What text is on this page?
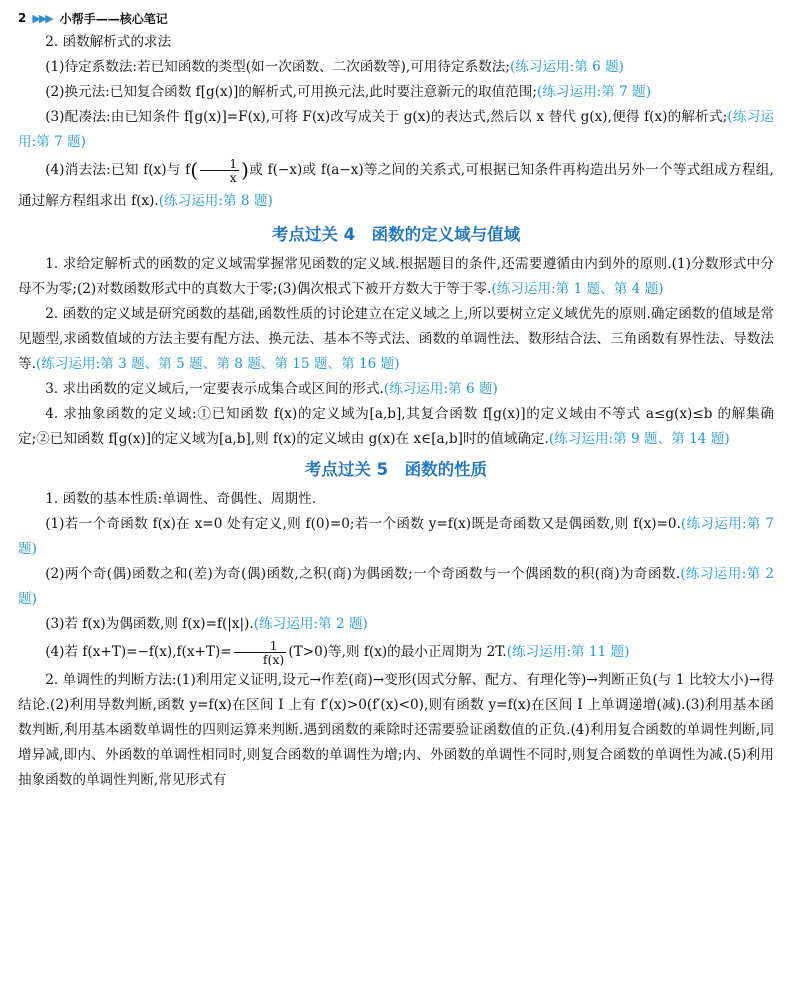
2 ▶▶▶ 小帮手——核心笔记

2. 函数解析式的求法

(1)待定系数法:若已知函数的类型(如一次函数、二次函数等),可用待定系数法;(练习运用:第 6 题)

(2)换元法:已知复合函数 f[g(x)]的解析式,可用换元法,此时要注意新元的取值范围;(练习运用:第 7 题)

(3)配凑法:由已知条件 f[g(x)]=F(x),可将 F(x)改写成关于 g(x)的表达式,然后以 x 替代 g(x),便得 f(x)的解析式;(练习运用:第 7 题)

(4)消去法:已知 f(x)与 $f( \frac{1}{x}$ )或 f(−x)或 f(a−x)等之间的关系式,可根据已知条件再构造出另外一个等式组成方程组,通过解方程组求出 f(x).(练习运用:第 8 题)

考点过关 4　函数的定义域与值域

1. 求给定解析式的函数的定义域需掌握常见函数的定义域.根据题目的条件,还需要遵循由内到外的原则.(1)分数形式中分母不为零;(2)对数函数形式中的真数大于零;(3)偶次根式下被开方数大于等于零.(练习运用:第 1 题、第 4 题)

2. 函数的定义域是研究函数的基础,函数性质的讨论建立在定义域之上,所以要树立定义域优先的原则.确定函数的值域是常见题型,求函数值域的方法主要有配方法、换元法、基本不等式法、函数的单调性法、数形结合法、三角函数有界性法、导数法等.(练习运用:第 3 题、第 5 题、第 8 题、第 15 题、第 16 题)

3. 求出函数的定义域后,一定要表示成集合或区间的形式.(练习运用:第 6 题)

4. 求抽象函数的定义域:①已知函数 f(x)的定义域为[a,b],其复合函数 f[g(x)]的定义域由不等式 a≤g(x)≤b 的解集确定;②已知函数 f[g(x)]的定义域为[a,b],则 f(x)的定义域由 g(x)在 x∈[a,b]时的值域确定.(练习运用:第 9 题、第 14 题)

考点过关 5　函数的性质

1. 函数的基本性质:单调性、奇偶性、周期性.

(1)若一个奇函数 f(x)在 x=0 处有定义,则 f(0)=0;若一个函数 y=f(x)既是奇函数又是偶函数,则 f(x)=0.(练习运用:第 7 题)

(2)两个奇(偶)函数之和(差)为奇(偶)函数,之积(商)为偶函数;一个奇函数与一个偶函数的积(商)为奇函数.(练习运用:第 2 题)

(3)若 f(x)为偶函数,则 f(x)=f(|x|).(练习运用:第 2 题)

(4)若 $f(x+T)=-f(x),f(x+T)= \frac{1}{f(x)} (T>0)$等,则 f(x)的最小正周期为 2T.(练习运用:第 11 题)

2. 单调性的判断方法:(1)利用定义证明,设元→作差(商)→变形(因式分解、配方、有理化等)→判断正负(与 1 比较大小)→得结论.(2)利用导数判断,函数 y=f(x)在区间 I 上有 f′(x)>0(f′(x)<0),则有函数 y=f(x)在区间 I 上单调递增(减).(3)利用基本函数判断,利用基本函数单调性的四则运算来判断.遇到函数的乘除时还需要验证函数值的正负.(4)利用复合函数的单调性判断,同增异减,即内、外函数的单调性相同时,则复合函数的单调性为增;内、外函数的单调性不同时,则复合函数的单调性为减.(5)利用抽象函数的单调性判断,常见形式有
